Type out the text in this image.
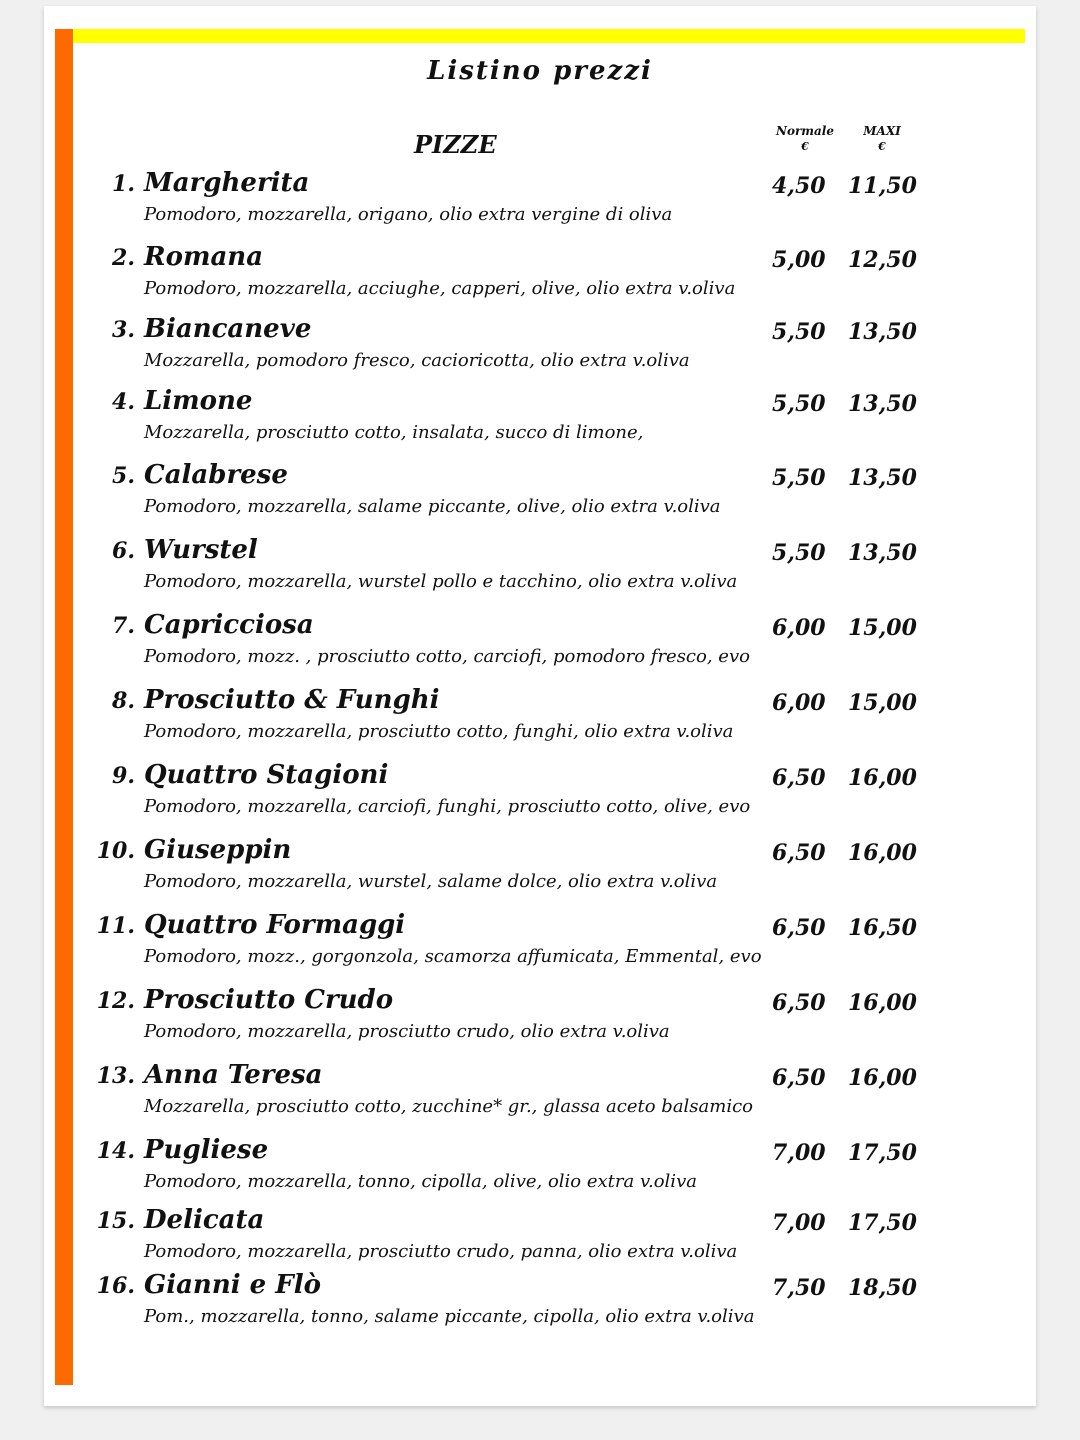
Listino prezzi
PIZZE	Normale
€
MAXI
€
1. Margherita
Pomodoro, mozzarella, origano, olio extra vergine di oliva
4,50 11,50
2. Romana
Pomodoro, mozzarella, acciughe, capperi, olive, olio extra v.oliva
5,00 12,50
3. Biancaneve
Mozzarella, pomodoro fresco, cacioricotta, olio extra v.oliva
5,50 13,50
4. Limone
Mozzarella, prosciutto cotto, insalata, succo di limone,
5,50 13,50
5. Calabrese
Pomodoro, mozzarella, salame piccante, olive, olio extra v.oliva
5,50 13,50
6. Wurstel
Pomodoro, mozzarella, wurstel pollo e tacchino, olio extra v.oliva
5,50 13,50
7. Capricciosa
Pomodoro, mozz. , prosciutto cotto, carciofi, pomodoro fresco, evo
6,00 15,00
8. Prosciutto & Funghi
Pomodoro, mozzarella, prosciutto cotto, funghi, olio extra v.oliva
6,00 15,00
9. Quattro Stagioni
Pomodoro, mozzarella, carciofi, funghi, prosciutto cotto, olive, evo
6,50 16,00
10. Giuseppin
Pomodoro, mozzarella, wurstel, salame dolce, olio extra v.oliva
6,50 16,00
11. Quattro Formaggi
Pomodoro, mozz., gorgonzola, scamorza affumicata, Emmental, evo
6,50 16,50
12. Prosciutto Crudo
Pomodoro, mozzarella, prosciutto crudo, olio extra v.oliva
6,50 16,00
13. Anna Teresa
Mozzarella, prosciutto cotto, zucchine* gr., glassa aceto balsamico
6,50 16,00
14. Pugliese
Pomodoro, mozzarella, tonno, cipolla, olive, olio extra v.oliva
7,00 17,50
15. Delicata
Pomodoro, mozzarella, prosciutto crudo, panna, olio extra v.oliva
7,00 17,50
16. Gianni e Flò
Pom., mozzarella, tonno, salame piccante, cipolla, olio extra v.oliva
7,50 18,50
